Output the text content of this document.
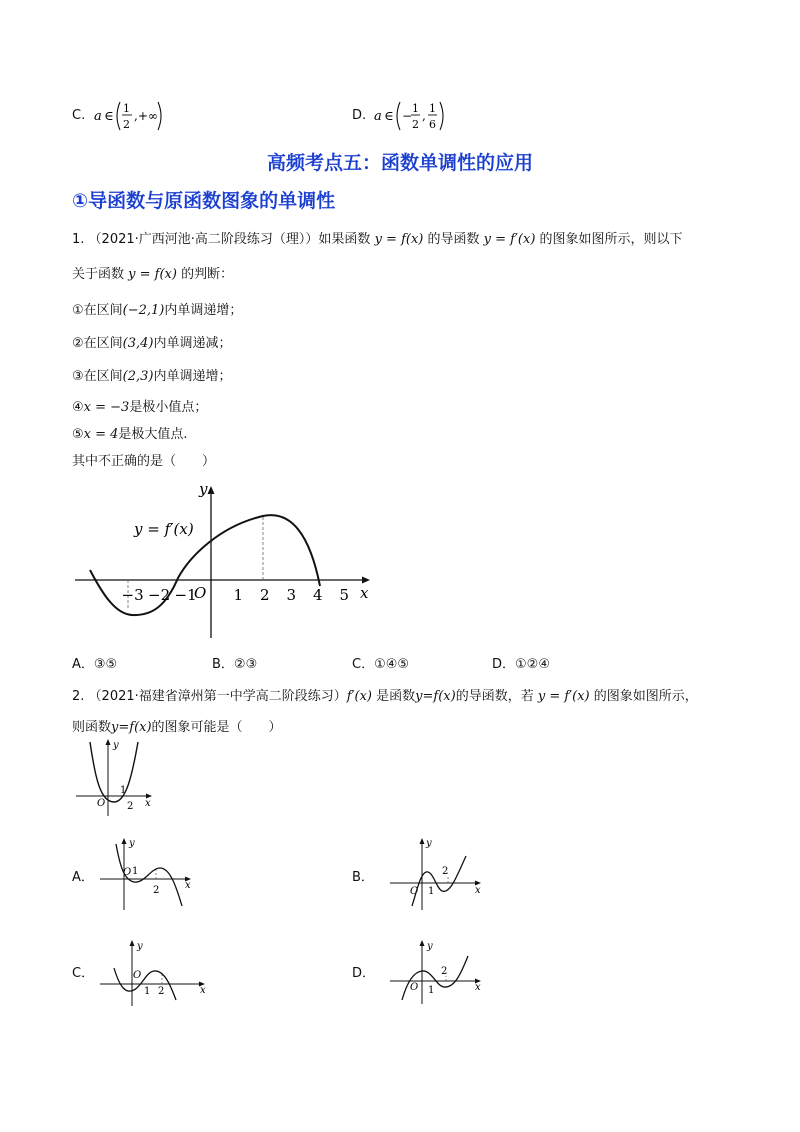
C. a ∈
1
2
,+∞	D. a ∈ −
1
2
,
1
6
高频考点五：函数单调性的应用
①导函数与原函数图象的单调性
1. （2021·广西河池·高二阶段练习（理））如果函数 y = f(x) 的导函数 y = f′(x) 的图象如图所示，则以下
关于函数 y = f(x) 的判断：
①在区间(−2,1)内单调递增；
②在区间(3,4)内单调递减；
③在区间(2,3)内单调递增；
④x = −3是极小值点；
⑤x = 4是极大值点.
其中不正确的是（　　）
y
x
O
y = f′(x)
−3 −2 −1 1 2 3 4 5
A．③⑤	B．②③	C．①④⑤	D．①②④
2. （2021·福建省漳州第一中学高二阶段练习）f′(x) 是函数y=f(x)的导函数，若 y = f′(x) 的图象如图所示，
则函数y=f(x)的图象可能是（　　）
y
x
O
1
2
A．
y
x
O 1
2
B．
y
x
O 1
2
C．
y
x
O
1 2
D．
y
x
O 1
2
